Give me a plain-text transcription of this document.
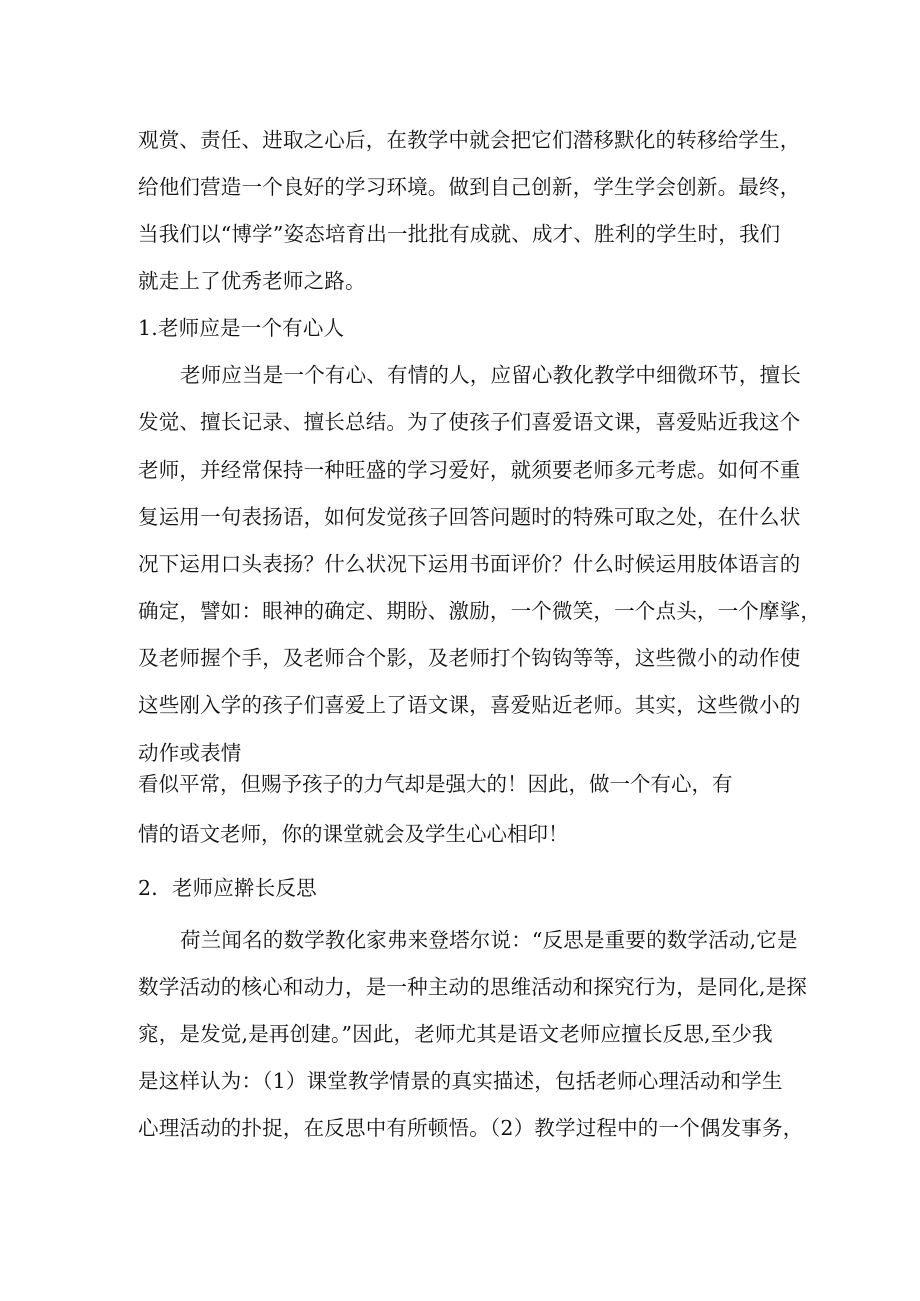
观赏、责任、进取之心后，在教学中就会把它们潜移默化的转移给学生，
给他们营造一个良好的学习环境。做到自己创新，学生学会创新。最终，
当我们以“博学”姿态培育出一批批有成就、成才、胜利的学生时，我们
就走上了优秀老师之路。
1.老师应是一个有心人
老师应当是一个有心、有情的人，应留心教化教学中细微环节，擅长
发觉、擅长记录、擅长总结。为了使孩子们喜爱语文课，喜爱贴近我这个
老师，并经常保持一种旺盛的学习爱好，就须要老师多元考虑。如何不重
复运用一句表扬语，如何发觉孩子回答问题时的特殊可取之处，在什么状
况下运用口头表扬？什么状况下运用书面评价？什么时候运用肢体语言的
确定，譬如：眼神的确定、期盼、激励，一个微笑，一个点头，一个摩挲，
及老师握个手，及老师合个影，及老师打个钩钩等等，这些微小的动作使
这些刚入学的孩子们喜爱上了语文课，喜爱贴近老师。其实，这些微小的
动作或表情
看似平常，但赐予孩子的力气却是强大的！因此，做一个有心，有
情的语文老师，你的课堂就会及学生心心相印！
2．老师应擀长反思
荷兰闻名的数学教化家弗来登塔尔说：“反思是重要的数学活动,它是
数学活动的核心和动力，是一种主动的思维活动和探究行为，是同化,是探
窕，是发觉,是再创建。”因此，老师尤其是语文老师应擅长反思,至少我
是这样认为：（1）课堂教学情景的真实描述，包括老师心理活动和学生
心理活动的扑捉，在反思中有所顿悟。（2）教学过程中的一个偶发事务，
